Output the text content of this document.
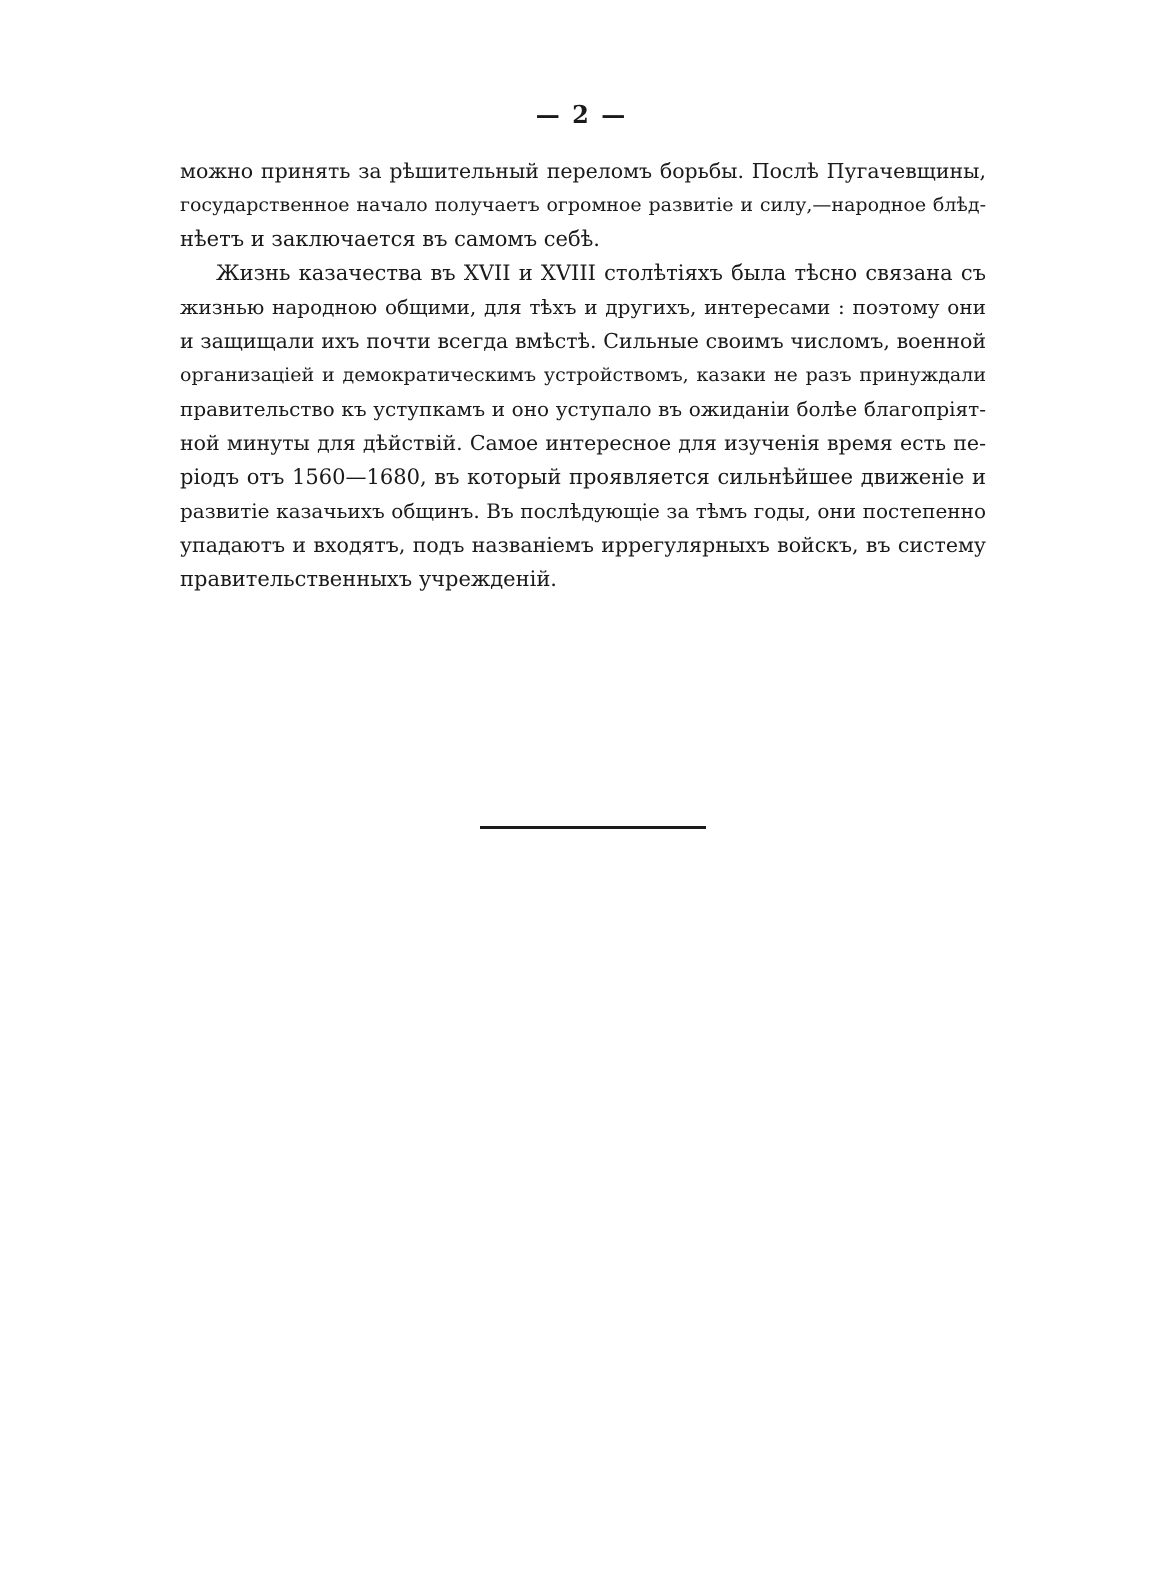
— 2 —
можно принять за рѣшительный переломъ борьбы. Послѣ Пугачевщины,
государственное начало получаетъ огромное развитіе и силу,—народное блѣд-
нѣетъ и заключается въ самомъ себѣ.
Жизнь казачества въ XVII и XVIII столѣтіяхъ была тѣсно связана съ
жизнью народною общими, для тѣхъ и другихъ, интересами : поэтому они
и защищали ихъ почти всегда вмѣстѣ. Сильные своимъ числомъ, военной
организаціей и демократическимъ устройствомъ, казаки не разъ принуждали
правительство къ уступкамъ и оно уступало въ ожиданіи болѣе благопріят-
ной минуты для дѣйствій. Самое интересное для изученія время есть пе-
ріодъ отъ 1560—1680, въ который проявляется сильнѣйшее движеніе и
развитіе казачьихъ общинъ. Въ послѣдующіе за тѣмъ годы, они постепенно
упадаютъ и входятъ, подъ названіемъ иррегулярныхъ войскъ, въ систему
правительственныхъ учрежденій.
